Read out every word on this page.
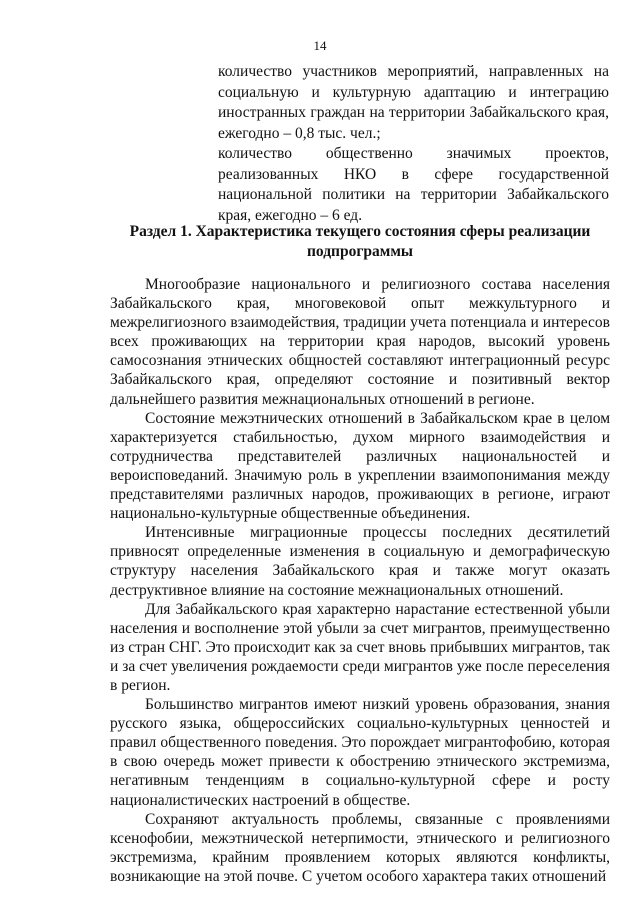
14
количество участников мероприятий, направленных на социальную и культурную адаптацию и интеграцию иностранных граждан на территории Забайкальского края, ежегодно – 0,8 тыс. чел.;
количество общественно значимых проектов, реализованных НКО в сфере государственной национальной политики на территории Забайкальского края, ежегодно – 6 ед.
Раздел 1. Характеристика текущего состояния сферы реализации подпрограммы

Многообразие национального и религиозного состава населения Забайкальского края, многовековой опыт межкультурного и межрелигиозного взаимодействия, традиции учета потенциала и интересов всех проживающих на территории края народов, высокий уровень самосознания этнических общностей составляют интеграционный ресурс Забайкальского края, определяют состояние и позитивный вектор дальнейшего развития межнациональных отношений в регионе.

Состояние межэтнических отношений в Забайкальском крае в целом характеризуется стабильностью, духом мирного взаимодействия и сотрудничества представителей различных национальностей и вероисповеданий. Значимую роль в укреплении взаимопонимания между представителями различных народов, проживающих в регионе, играют национально-культурные общественные объединения.

Интенсивные миграционные процессы последних десятилетий привносят определенные изменения в социальную и демографическую структуру населения Забайкальского края и также могут оказать деструктивное влияние на состояние межнациональных отношений.

Для Забайкальского края характерно нарастание естественной убыли населения и восполнение этой убыли за счет мигрантов, преимущественно из стран СНГ. Это происходит как за счет вновь прибывших мигрантов, так и за счет увеличения рождаемости среди мигрантов уже после переселения в регион.

Большинство мигрантов имеют низкий уровень образования, знания русского языка, общероссийских социально-культурных ценностей и правил общественного поведения. Это порождает мигрантофобию, которая в свою очередь может привести к обострению этнического экстремизма, негативным тенденциям в социально-культурной сфере и росту националистических настроений в обществе.

Сохраняют актуальность проблемы, связанные с проявлениями ксенофобии, межэтнической нетерпимости, этнического и религиозного экстремизма, крайним проявлением которых являются конфликты, возникающие на этой почве. С учетом особого характера таких отношений
